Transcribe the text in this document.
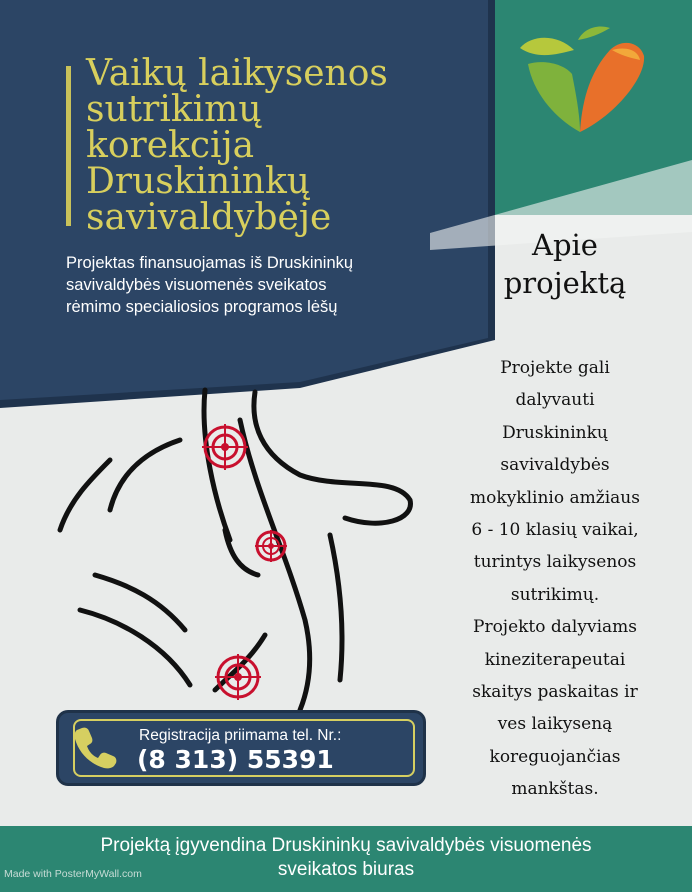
Vaikų laikysenos
sutrikimų
korekcija
Druskininkų
savivaldybėje
Projektas finansuojamas iš Druskininkų
savivaldybės visuomenės sveikatos
rėmimo specialiosios programos lėšų
Apie
projektą
Projekte gali
dalyvauti
Druskininkų
savivaldybės
mokyklinio amžiaus
6 - 10 klasių vaikai,
turintys laikysenos
sutrikimų.
Projekto dalyviams
kineziterapeutai
skaitys paskaitas ir
ves laikyseną
koreguojančias
mankštas.
Registracija priimama tel. Nr.:
(8 313) 55391
Projektą įgyvendina Druskininkų savivaldybės visuomenės
sveikatos biuras
Made with PosterMyWall.com
